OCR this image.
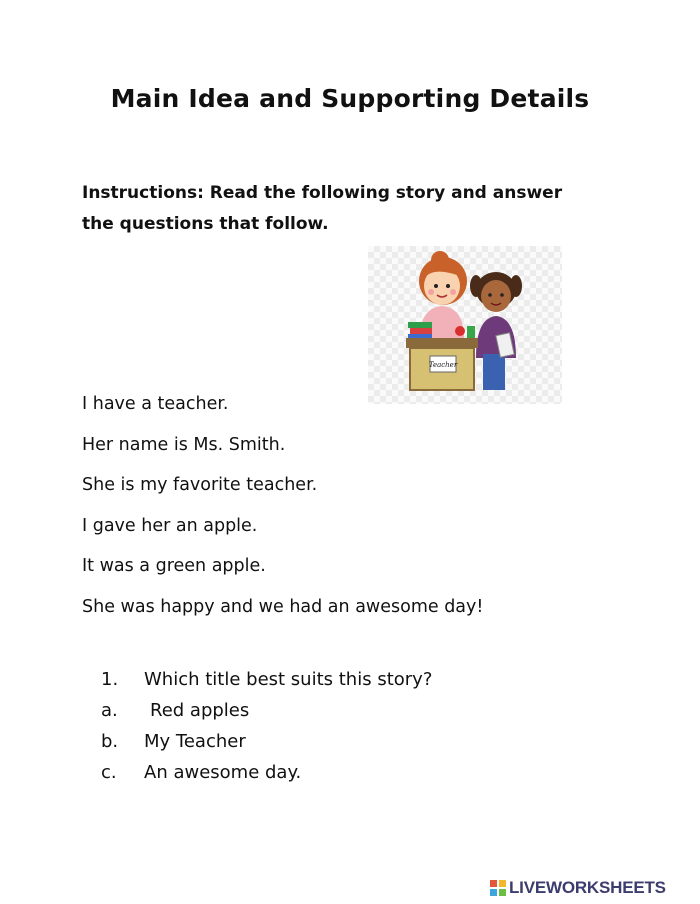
Main Idea and Supporting Details
Instructions: Read the following story and answer
the questions that follow.
Teacher
I have a teacher.
Her name is Ms. Smith.
She is my favorite teacher.
I gave her an apple.
It was a green apple.
She was happy and we had an awesome day!
1. Which title best suits this story?
a. Red apples
b. My Teacher
c. An awesome day.
LIVEWORKSHEETS
